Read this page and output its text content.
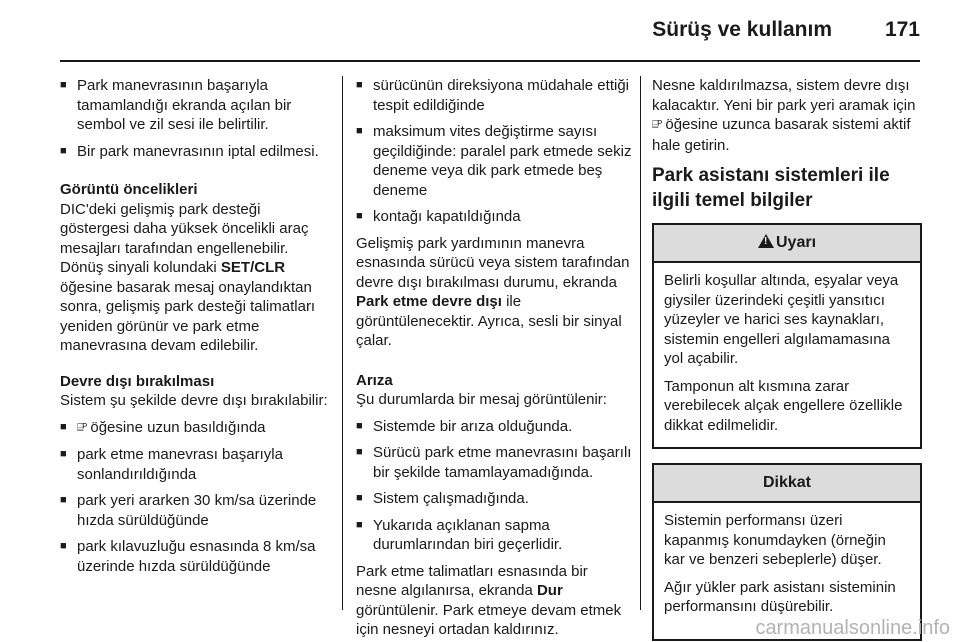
Sürüş ve kullanım	171
■ Park manevrasının başarıyla tamamlandığı ekranda açılan bir sembol ve zil sesi ile belirtilir.
■ Bir park manevrasının iptal edilmesi.
Görüntü öncelikleri
DIC'deki gelişmiş park desteği göstergesi daha yüksek öncelikli araç mesajları tarafından engellenebilir. Dönüş sinyali kolundaki SET/CLR öğesine basarak mesaj onaylandıktan sonra, gelişmiş park desteği talimatları yeniden görünür ve park etme manevrasına devam edilebilir.
Devre dışı bırakılması
Sistem şu şekilde devre dışı bırakılabilir:
■ ⌸ᴾ öğesine uzun basıldığında
■ park etme manevrası başarıyla sonlandırıldığında
■ park yeri ararken 30 km/sa üzerinde hızda sürüldüğünde
■ park kılavuzluğu esnasında 8 km/sa üzerinde hızda sürüldüğünde
■ sürücünün direksiyona müdahale ettiği tespit edildiğinde
■ maksimum vites değiştirme sayısı geçildiğinde: paralel park etmede sekiz deneme veya dik park etmede beş deneme
■ kontağı kapatıldığında
Gelişmiş park yardımının manevra esnasında sürücü veya sistem tarafından devre dışı bırakılması durumu, ekranda Park etme devre dışı ile görüntülenecektir. Ayrıca, sesli bir sinyal çalar.
Arıza
Şu durumlarda bir mesaj görüntülenir:
■ Sistemde bir arıza olduğunda.
■ Sürücü park etme manevrasını başarılı bir şekilde tamamlayamadığında.
■ Sistem çalışmadığında.
■ Yukarıda açıklanan sapma durumlarından biri geçerlidir.
Park etme talimatları esnasında bir nesne algılanırsa, ekranda Dur görüntülenir. Park etmeye devam etmek için nesneyi ortadan kaldırınız.
Nesne kaldırılmazsa, sistem devre dışı kalacaktır. Yeni bir park yeri aramak için ⌸ᴾ öğesine uzunca basarak sistemi aktif hale getirin.
Park asistanı sistemleri ile ilgili temel bilgiler
!Uyarı
Belirli koşullar altında, eşyalar veya giysiler üzerindeki çeşitli yansıtıcı yüzeyler ve harici ses kaynakları, sistemin engelleri algılamamasına yol açabilir.
Tamponun alt kısmına zarar verebilecek alçak engellere özellikle dikkat edilmelidir.
Dikkat
Sistemin performansı üzeri kapanmış konumdayken (örneğin kar ve benzeri sebeplerle) düşer.
Ağır yükler park asistanı sisteminin performansını düşürebilir.
carmanualsonline.info
